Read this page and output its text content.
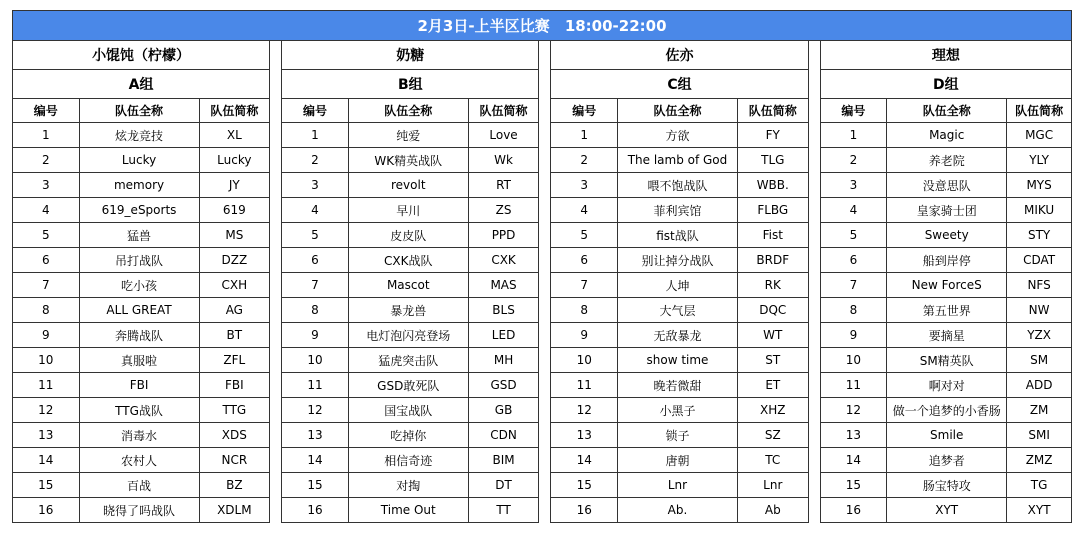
2月3日-上半区比赛 18:00-22:00														
小馄饨（柠檬）				奶糖				佐亦				理想		
A组				B组				C组				D组		
编号	队伍全称	队伍简称		编号	队伍全称	队伍简称		编号	队伍全称	队伍简称		编号	队伍全称	队伍简称
1	炫龙竞技	XL		1	纯爱	Love		1	方欲	FY		1	Magic	MGC
2	Lucky	Lucky		2	WK精英战队	Wk		2	The lamb of God	TLG		2	养老院	YLY
3	memory	JY		3	revolt	RT		3	喂不饱战队	WBB.		3	没意思队	MYS
4	619_eSports	619		4	早川	ZS		4	菲利宾馆	FLBG		4	皇家骑士团	MIKU
5	猛兽	MS		5	皮皮队	PPD		5	fist战队	Fist		5	Sweety	STY
6	吊打战队	DZZ		6	CXK战队	CXK		6	别让掉分战队	BRDF		6	船到岸停	CDAT
7	吃小孩	CXH		7	Mascot	MAS		7	人坤	RK		7	New ForceS	NFS
8	ALL GREAT	AG		8	暴龙兽	BLS		8	大气层	DQC		8	第五世界	NW
9	奔腾战队	BT		9	电灯泡闪亮登场	LED		9	无敌暴龙	WT		9	要摘星	YZX
10	真服啦	ZFL		10	猛虎突击队	MH		10	show time	ST		10	SM精英队	SM
11	FBI	FBI		11	GSD敢死队	GSD		11	晚若微甜	ET		11	啊对对	ADD
12	TTG战队	TTG		12	国宝战队	GB		12	小黑子	XHZ		12	做一个追梦的小香肠	ZM
13	消毒水	XDS		13	吃掉你	CDN		13	锁子	SZ		13	Smile	SMI
14	农村人	NCR		14	相信奇迹	BIM		14	唐朝	TC		14	追梦者	ZMZ
15	百战	BZ		15	对掏	DT		15	Lnr	Lnr		15	肠宝特攻	TG
16	晓得了吗战队	XDLM		16	Time Out	TT		16	Ab.	Ab		16	XYT	XYT
